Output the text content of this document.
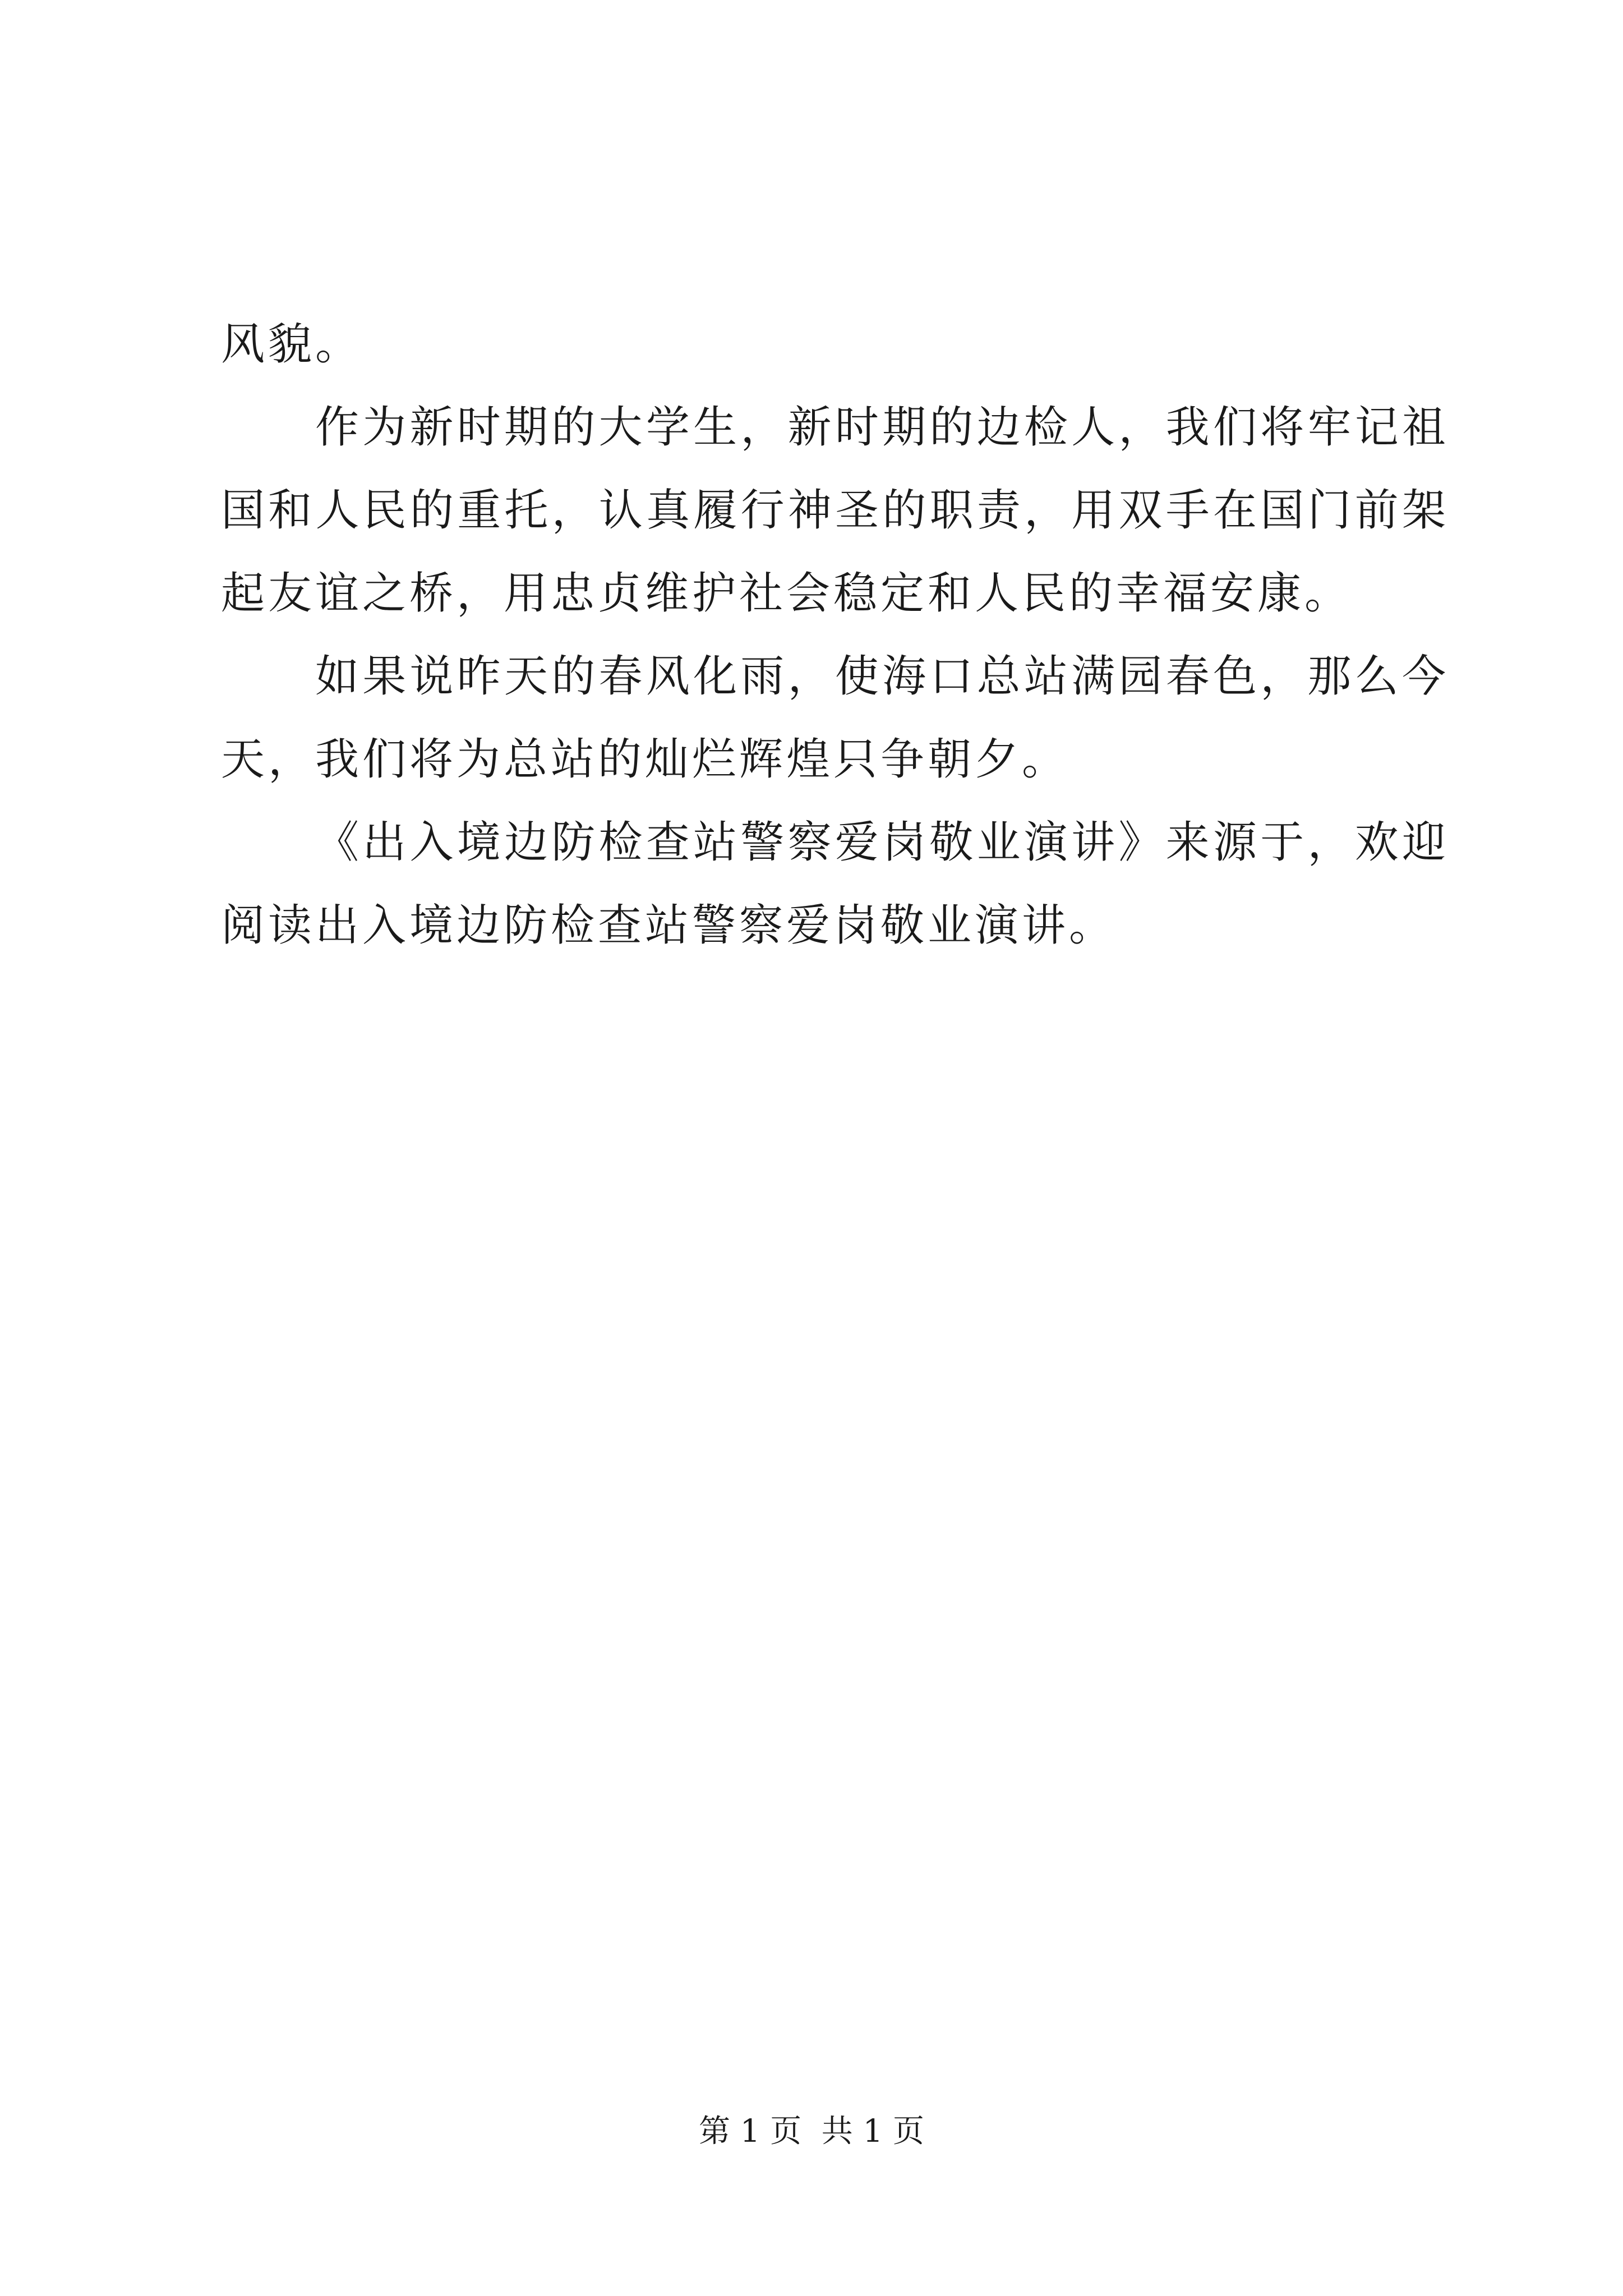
风貌。

作为新时期的大学生，新时期的边检人，我们将牢记祖国和人民的重托，认真履行神圣的职责，用双手在国门前架起友谊之桥，用忠贞维护社会稳定和人民的幸福安康。

如果说昨天的春风化雨，使海口总站满园春色，那么今天，我们将为总站的灿烂辉煌只争朝夕。

《出入境边防检查站警察爱岗敬业演讲》来源于，欢迎阅读出入境边防检查站警察爱岗敬业演讲。

第 1 页  共 1 页
